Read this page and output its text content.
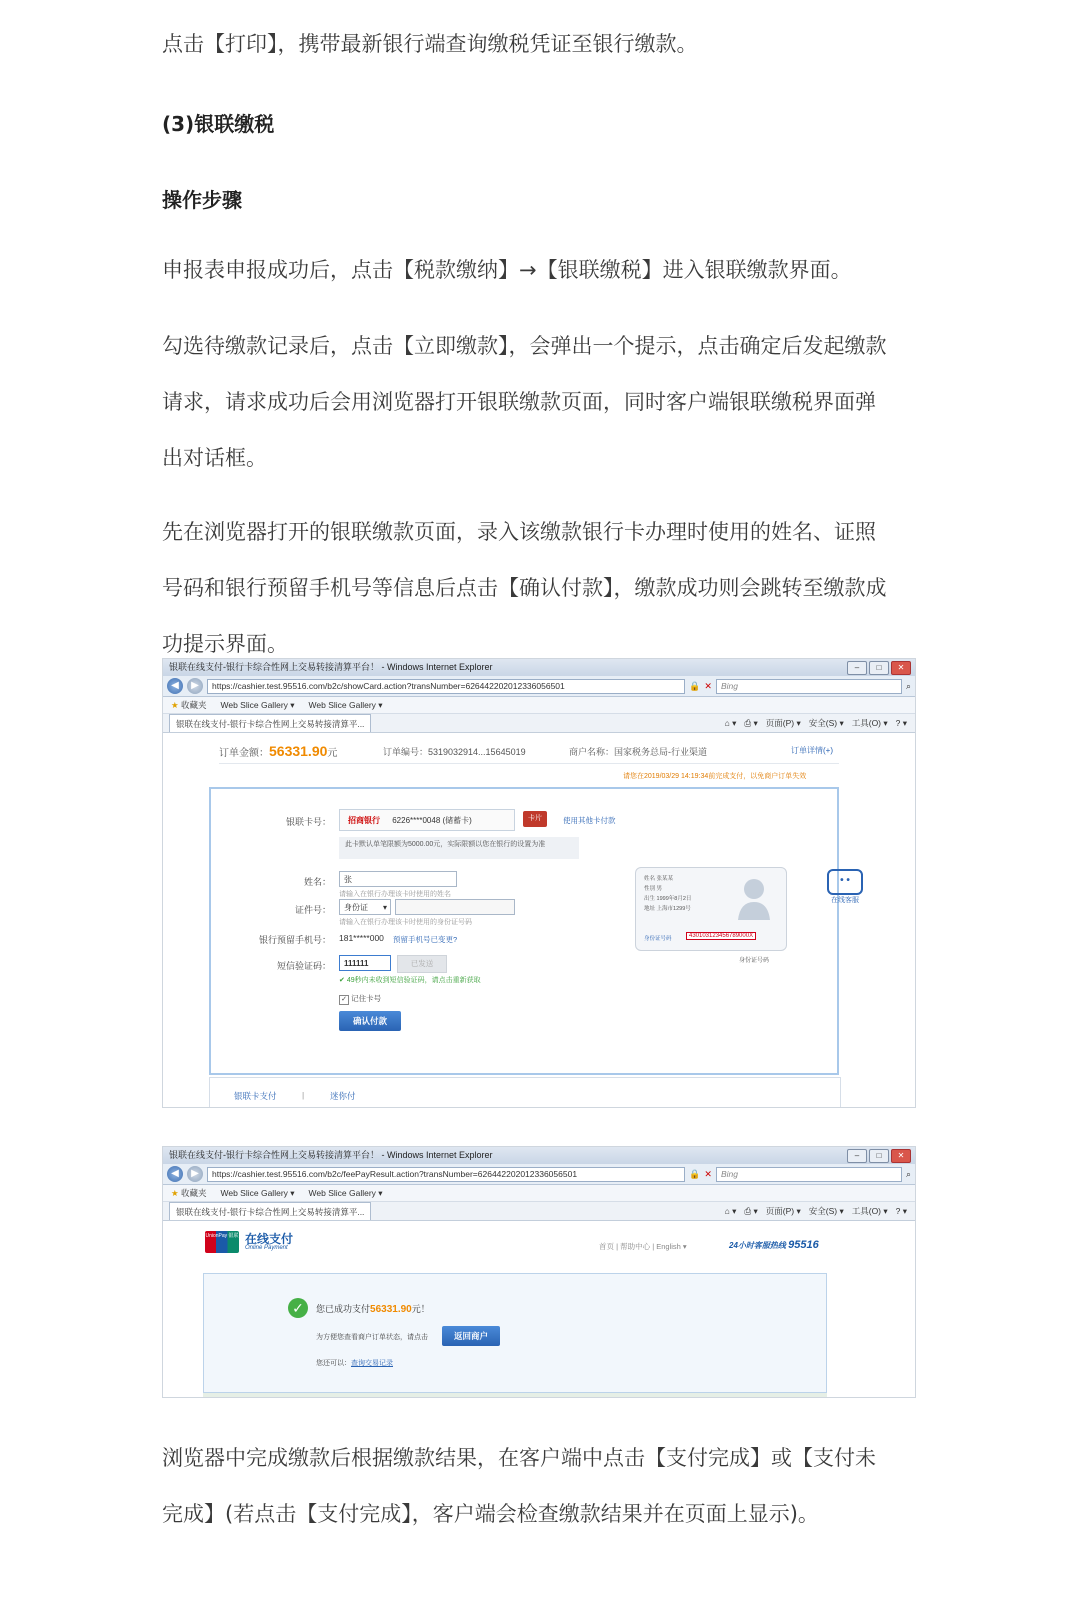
点击【打印】，携带最新银行端查询缴税凭证至银行缴款。

(3)银联缴税

操作步骤

申报表申报成功后，点击【税款缴纳】→【银联缴税】进入银联缴款界面。

勾选待缴款记录后，点击【立即缴款】，会弹出一个提示，点击确定后发起缴款请求，请求成功后会用浏览器打开银联缴款页面，同时客户端银联缴税界面弹出对话框。

先在浏览器打开的银联缴款页面，录入该缴款银行卡办理时使用的姓名、证照号码和银行预留手机号等信息后点击【确认付款】，缴款成功则会跳转至缴款成功提示界面。

银联在线支付-银行卡综合性网上交易转接清算平台！ - Windows Internet Explorer	–	□	✕
◀	▶	https://cashier.test.95516.com/b2c/showCard.action?transNumber=626442202012336056501	🔒 ✕	Bing	⌕
★ 收藏夹 Web Slice Gallery ▾ Web Slice Gallery ▾
银联在线支付-银行卡综合性网上交易转接清算平...	⌂ ▾ ⎙ ▾ 页面(P) ▾ 安全(S) ▾ 工具(O) ▾ ? ▾
订单金额：56331.90元	订单编号：5319032914...15645019	商户名称：国家税务总局-行业渠道	订单详情(+)
请您在2019/03/29 14:19:34前完成支付，以免商户订单失效
银联卡号：	招商银行 6226****0048 (储蓄卡)	卡片	使用其他卡付款
此卡默认单笔限额为5000.00元，实际限额以您在银行的设置为准
姓名：	张
请输入在银行办理该卡时使用的姓名
证件号：	身份证 ▾
请输入在银行办理该卡时使用的身份证号码
银行预留手机号： 181*****000 预留手机号已变更?
短信验证码：	111111	已发送
✔ 49秒内未收到短信验证码，请点击重新获取
✓ 记住卡号
确认付款
姓名 张某某
性别 男
出生 1999年8月2日
地址 上海市1299号
身份证号码	430103123456789000X
身份证号码
• •
在线客服
银联卡支付	|	迷你付
银联在线支付-银行卡综合性网上交易转接清算平台！ - Windows Internet Explorer	–	□	✕
◀	▶	https://cashier.test.95516.com/b2c/feePayResult.action?transNumber=626442202012336056501	🔒 ✕	Bing	⌕
★ 收藏夹 Web Slice Gallery ▾ Web Slice Gallery ▾
银联在线支付-银行卡综合性网上交易转接清算平...	⌂ ▾ ⎙ ▾ 页面(P) ▾ 安全(S) ▾ 工具(O) ▾ ? ▾
UnionPay 银联 在线支付
Online Payment	首页 | 帮助中心 | English ▾	24小时客服热线 95516
✓	您已成功支付56331.90元！
为方便您查看商户订单状态，请点击	返回商户
您还可以：查询交易记录

浏览器中完成缴款后根据缴款结果，在客户端中点击【支付完成】或【支付未完成】(若点击【支付完成】，客户端会检查缴款结果并在页面上显示)。
